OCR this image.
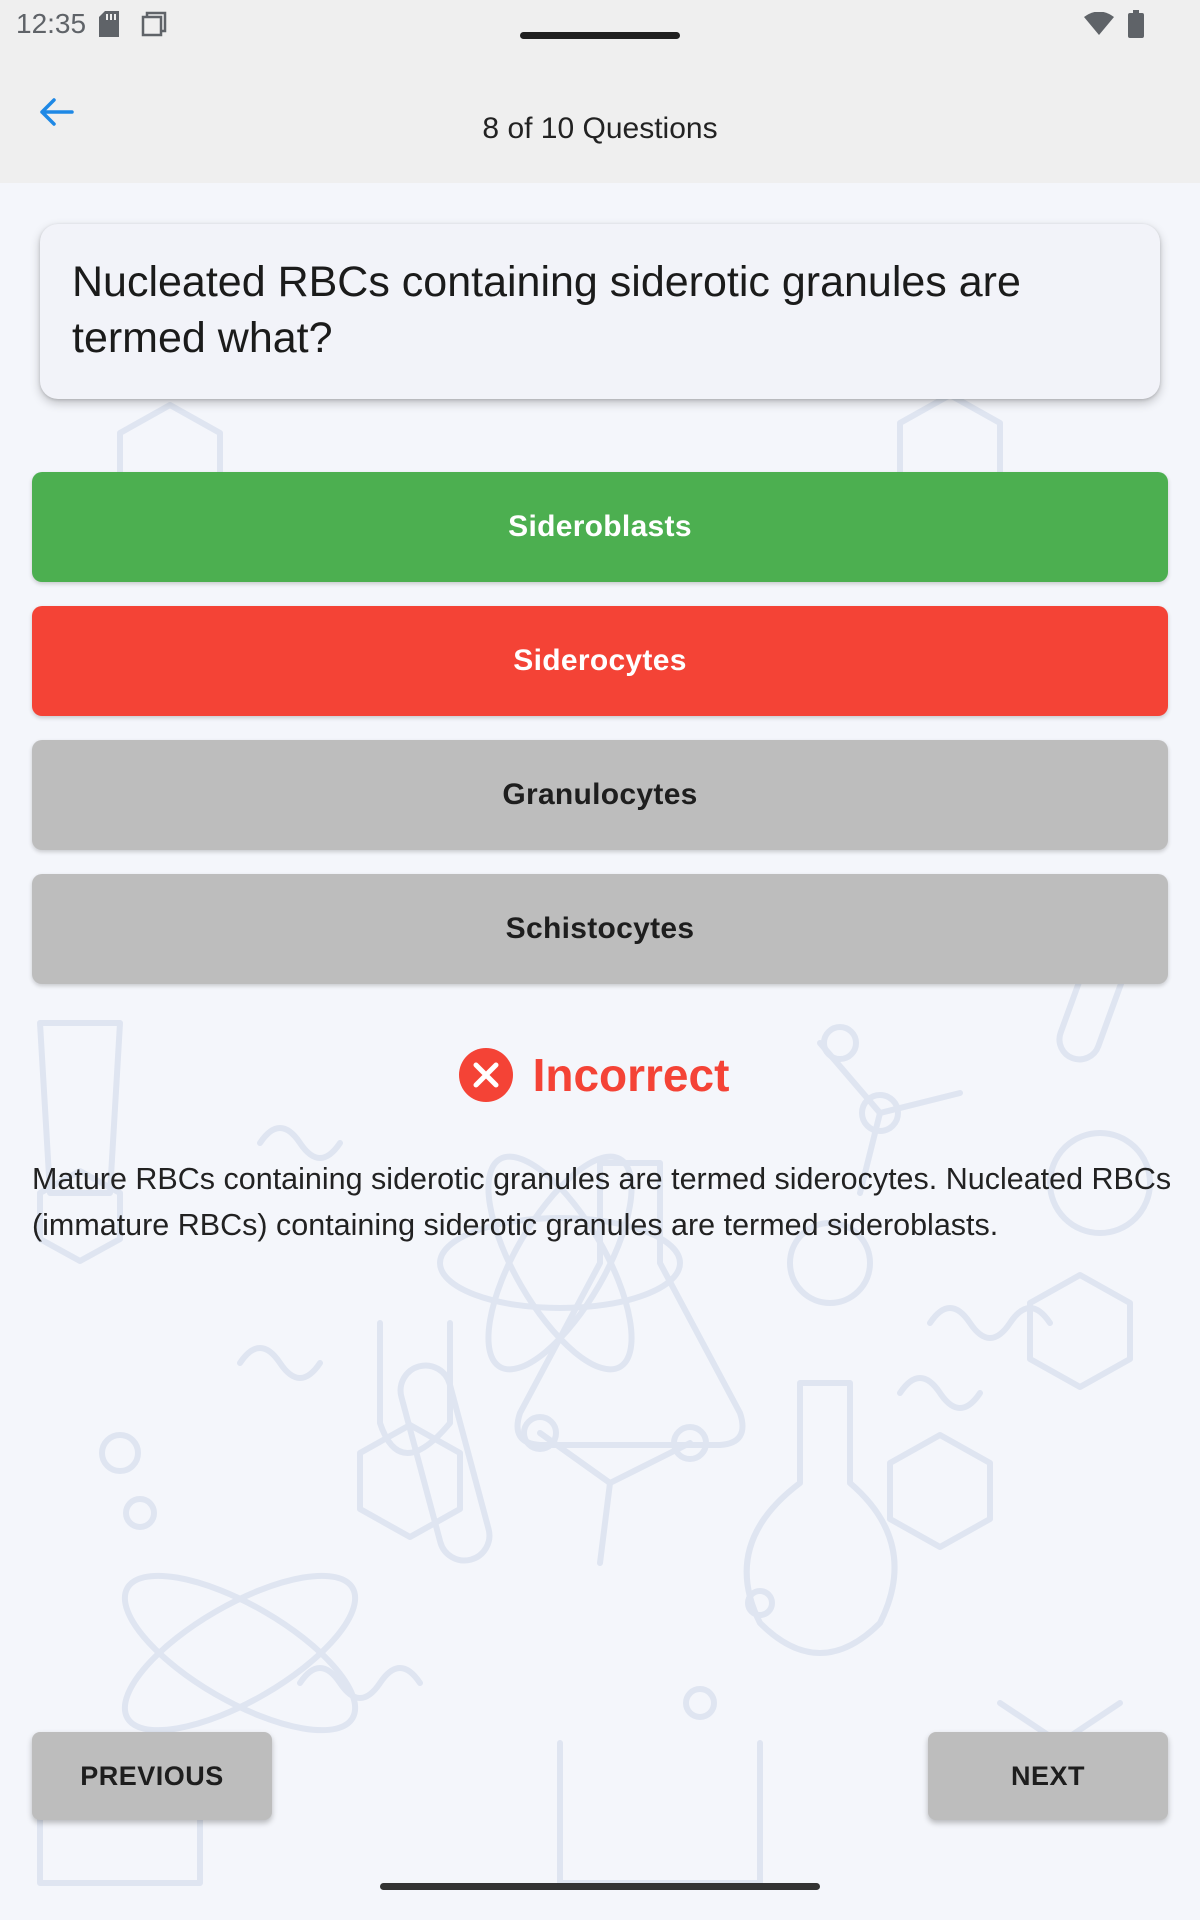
12:35
8 of 10 Questions
Nucleated RBCs containing siderotic granules are termed what?
Sideroblasts
Siderocytes
Granulocytes
Schistocytes
Incorrect
Mature RBCs containing siderotic granules are termed siderocytes. Nucleated RBCs (immature RBCs) containing siderotic granules are termed sideroblasts.
PREVIOUS	NEXT
